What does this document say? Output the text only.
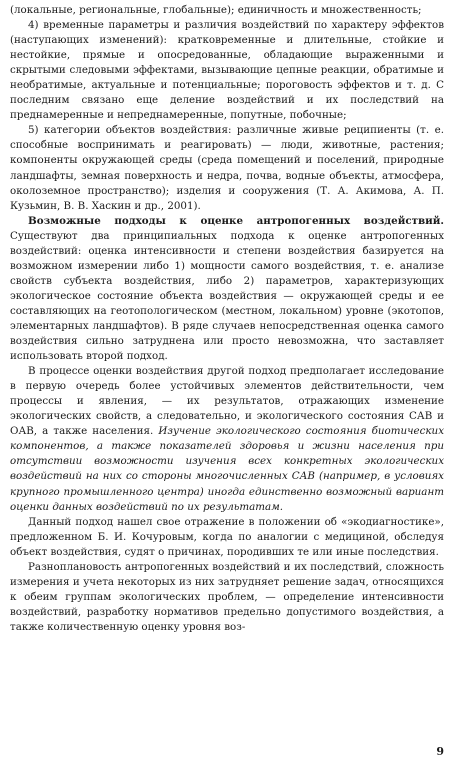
(локальные, региональные, глобальные); единичность и множественность;

4) временные параметры и различия воздействий по характеру эффектов (наступающих изменений): кратковременные и длительные, стойкие и нестойкие, прямые и опосредованные, обладающие выраженными и скрытыми следовыми эффектами, вызывающие цепные реакции, обратимые и необратимые, актуальные и потенциальные; пороговость эффектов и т. д. С последним связано еще деление воздействий и их последствий на преднамеренные и непреднамеренные, попутные, побочные;

5) категории объектов воздействия: различные живые реципиенты (т. е. способные воспринимать и реагировать) — люди, животные, растения; компоненты окружающей среды (среда помещений и поселений, природные ландшафты, земная поверхность и недра, почва, водные объекты, атмосфера, околоземное пространство); изделия и сооружения (Т. А. Акимова, А. П. Кузьмин, В. В. Хаскин и др., 2001).

Возможные подходы к оценке антропогенных воздействий. Существуют два принципиальных подхода к оценке антропогенных воздействий: оценка интенсивности и степени воздействия базируется на возможном измерении либо 1) мощности самого воздействия, т. е. анализе свойств субъекта воздействия, либо 2) параметров, характеризующих экологическое состояние объекта воздействия — окружающей среды и ее составляющих на геотопологическом (местном, локальном) уровне (экотопов, элементарных ландшафтов). В ряде случаев непосредственная оценка самого воздействия сильно затруднена или просто невозможна, что заставляет использовать второй подход.

В процессе оценки воздействия другой подход предполагает исследование в первую очередь более устойчивых элементов действительности, чем процессы и явления, — их результатов, отражающих изменение экологических свойств, а следовательно, и экологического состояния САВ и ОАВ, а также населения. Изучение экологического состояния биотических компонентов, а также показателей здоровья и жизни населения при отсутствии возможности изучения всех конкретных экологических воздействий на них со стороны многочисленных САВ (например, в условиях крупного промышленного центра) иногда единственно возможный вариант оценки данных воздействий по их результатам.

Данный подход нашел свое отражение в положении об «экодиагностике», предложенном Б. И. Кочуровым, когда по аналогии с медициной, обследуя объект воздействия, судят о причинах, породивших те или иные последствия.

Разноплановость антропогенных воздействий и их последствий, сложность измерения и учета некоторых из них затрудняет решение задач, относящихся к обеим группам экологических проблем, — определение интенсивности воздействий, разработку нормативов предельно допустимого воздействия, а также количественную оценку уровня воз-

9
